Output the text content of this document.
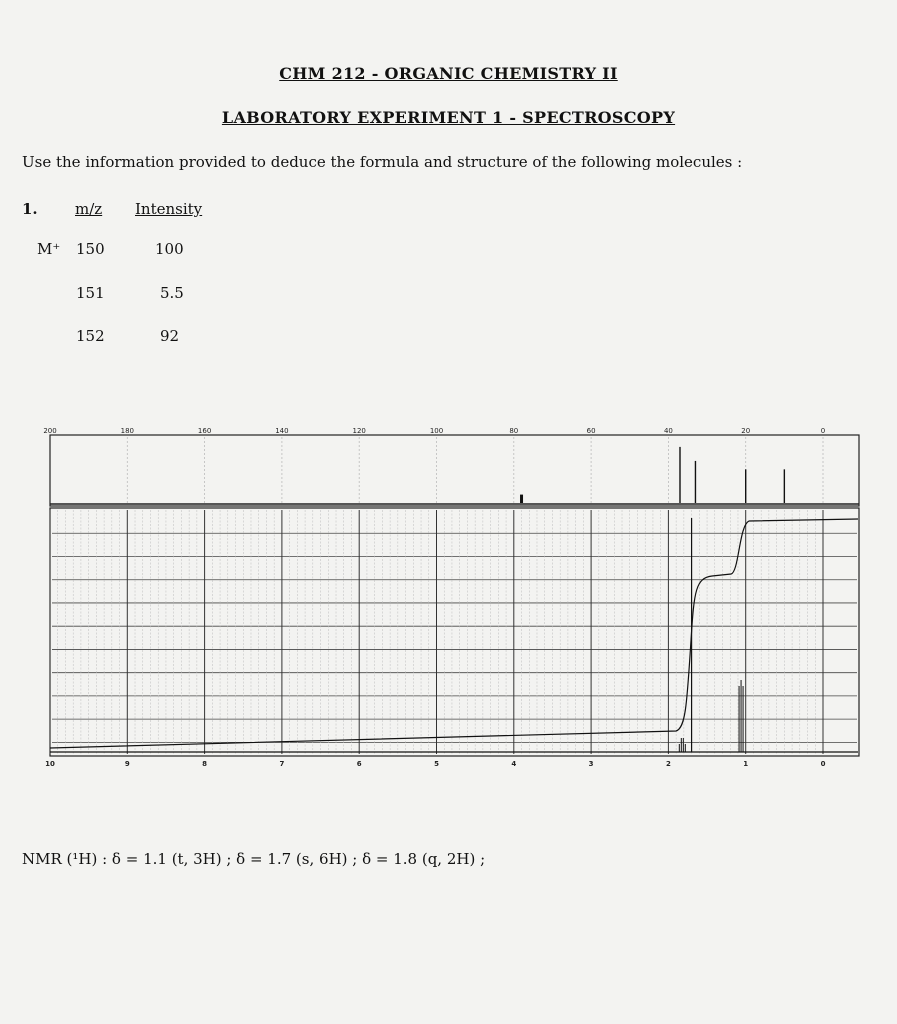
CHM 212 - ORGANIC CHEMISTRY II
LABORATORY EXPERIMENT 1 - SPECTROSCOPY
Use the information provided to deduce the formula and structure of the following molecules :
1. m/z Intensity
M⁺ 150	100
151	5.5
152	92
200	180	160	140	120	100	80	60	40	20	0
10	9	8	7	6	5	4	3	2	1	0
NMR (¹H) : δ = 1.1 (t, 3H) ; δ = 1.7 (s, 6H) ; δ = 1.8 (q, 2H) ;
